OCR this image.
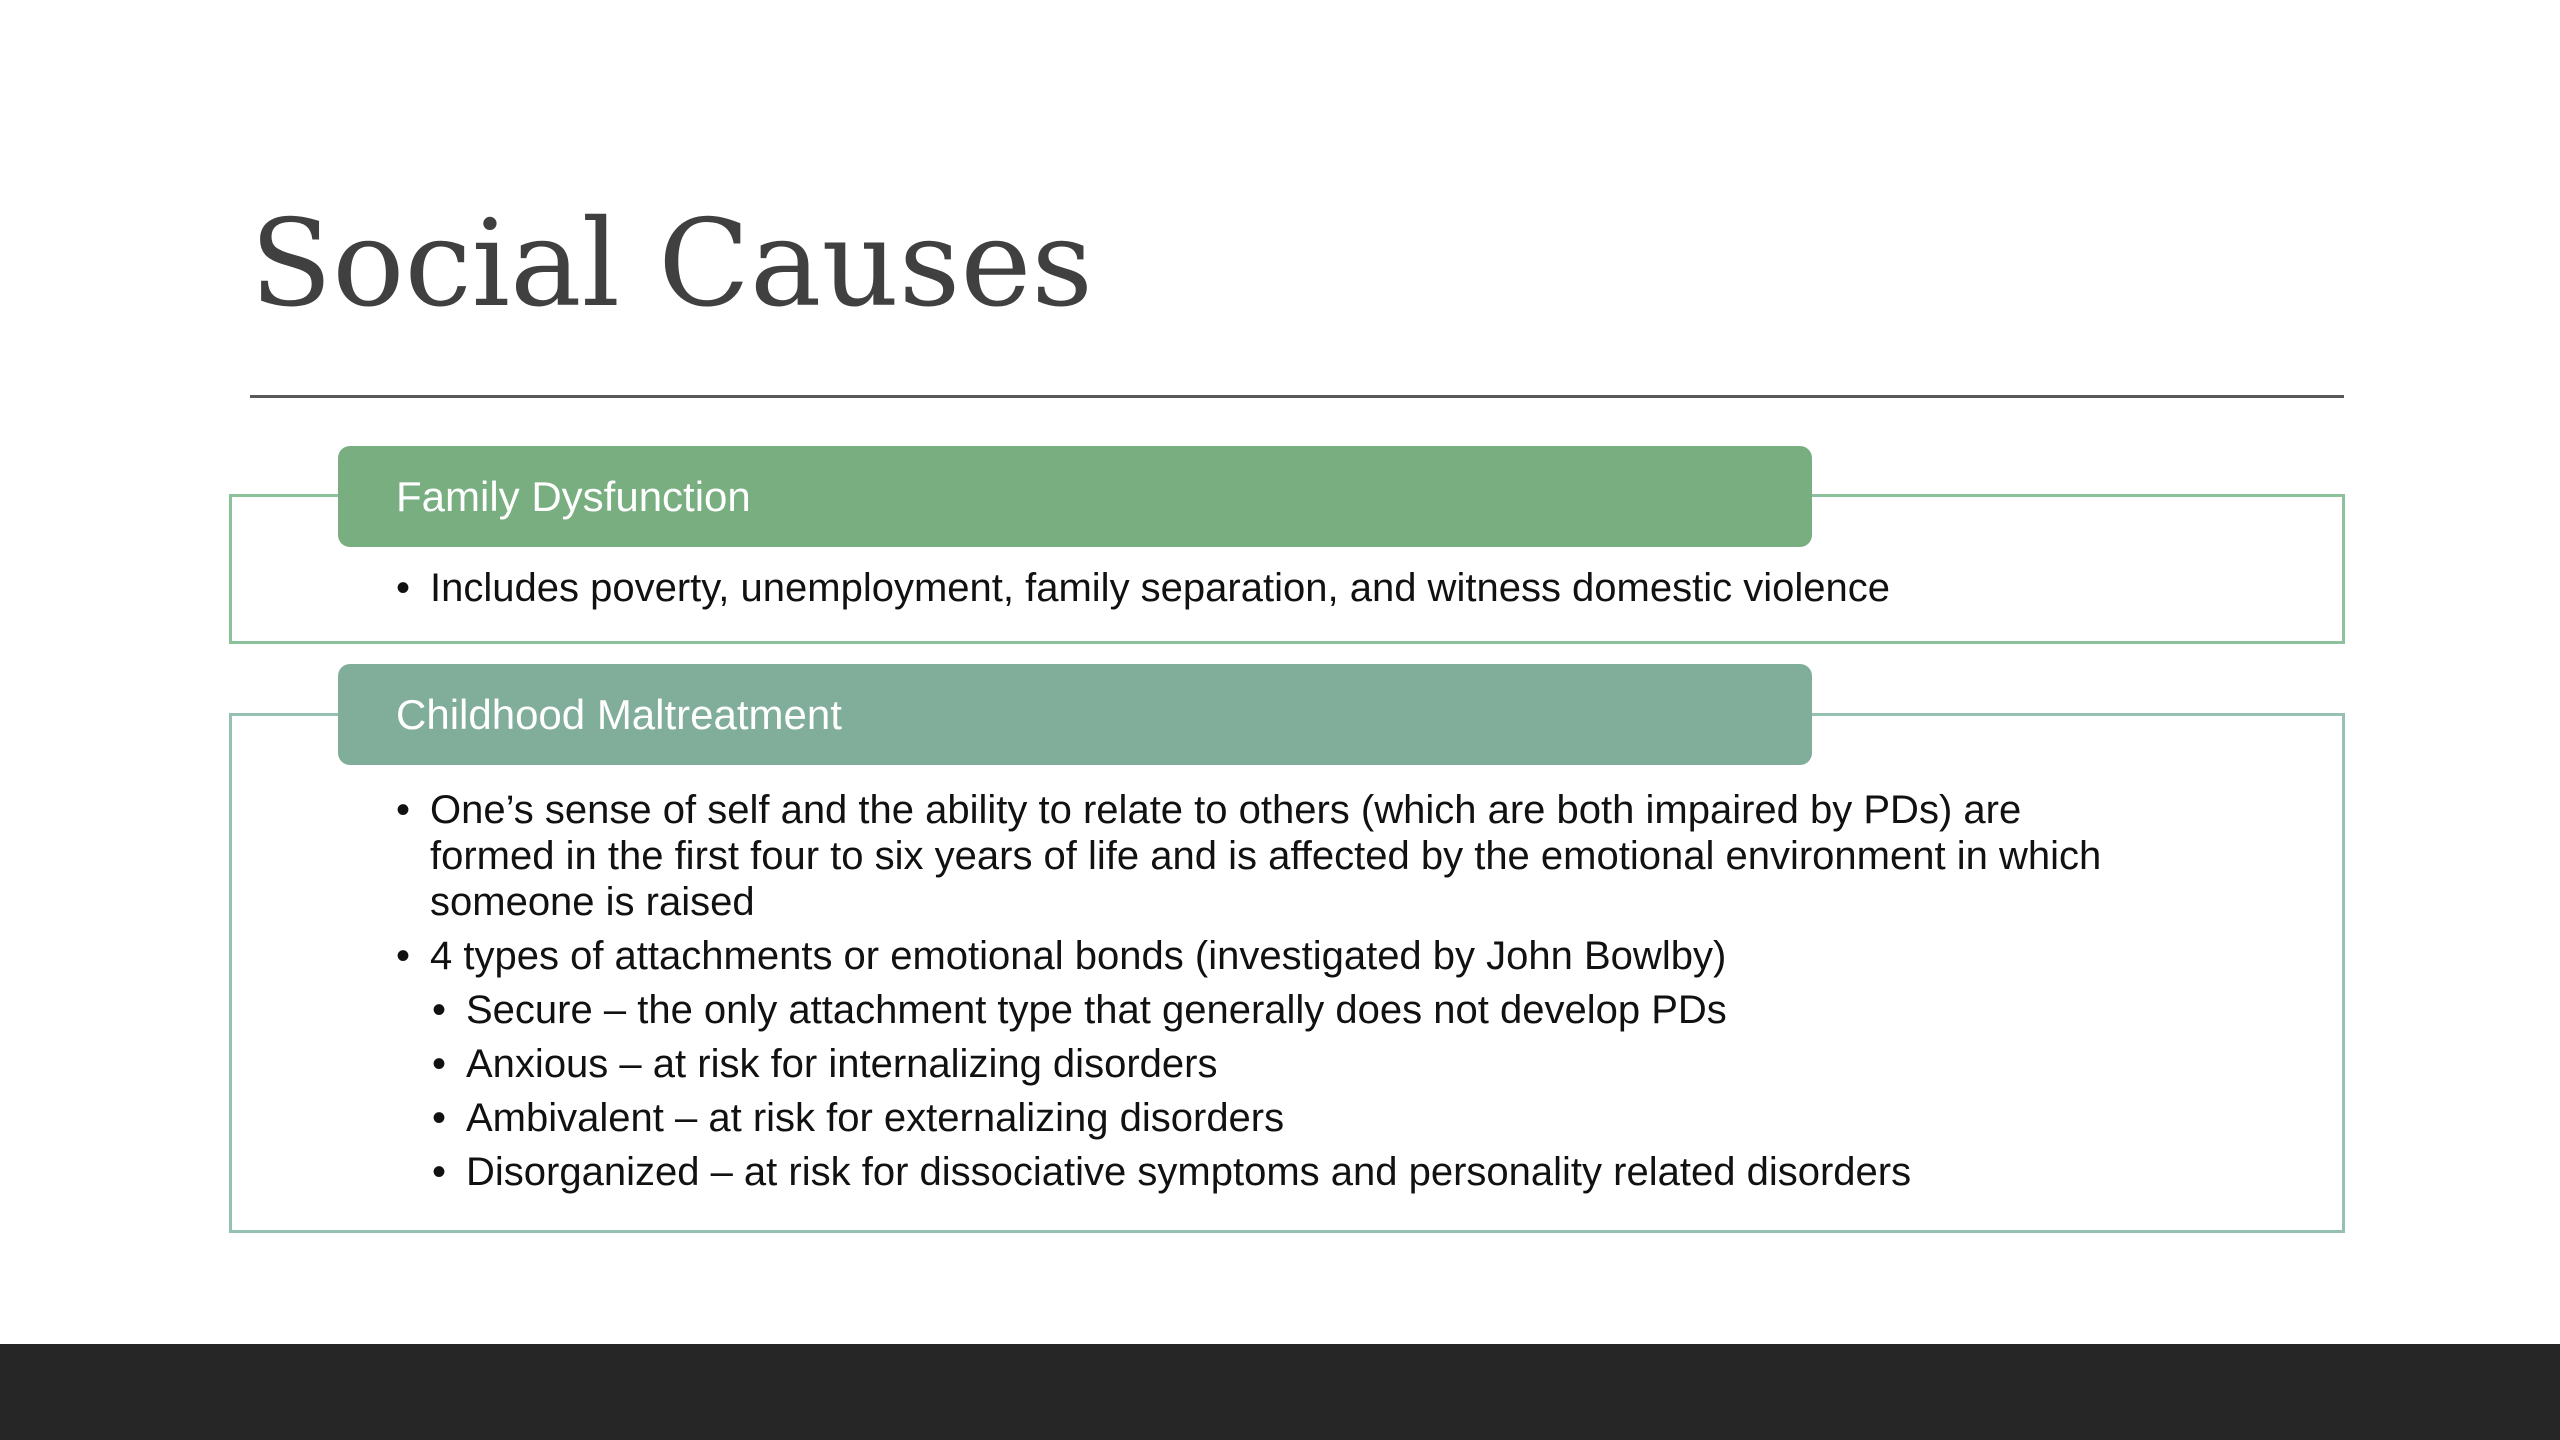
Social Causes
Family Dysfunction
• Includes poverty, unemployment, family separation, and witness domestic violence
Childhood Maltreatment
• One’s sense of self and the ability to relate to others (which are both impaired by PDs) are formed in the first four to six years of life and is affected by the emotional environment in which someone is raised
• 4 types of attachments or emotional bonds (investigated by John Bowlby)
• Secure – the only attachment type that generally does not develop PDs
• Anxious – at risk for internalizing disorders
• Ambivalent – at risk for externalizing disorders
• Disorganized – at risk for dissociative symptoms and personality related disorders
